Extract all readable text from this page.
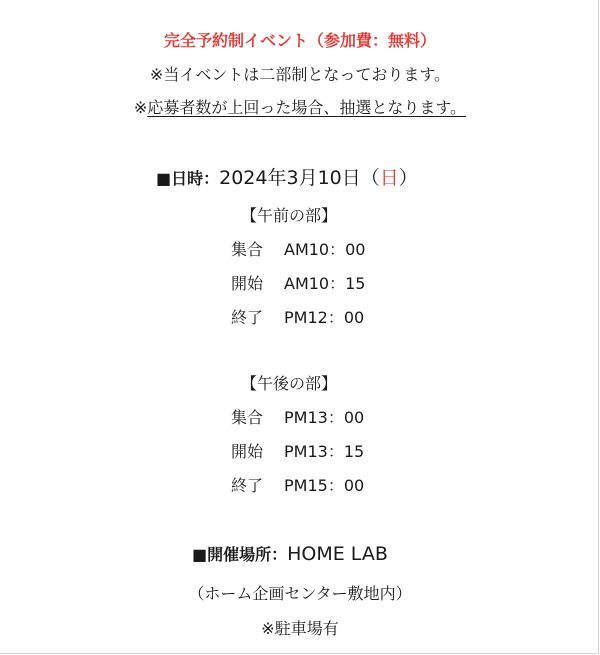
完全予約制イベント（参加費：無料）
※当イベントは二部制となっております。
※応募者数が上回った場合、抽選となります。
■日時：2024年3月10日（日）
【午前の部】
集合 AM10：00
開始 AM10：15
終了 PM12：00
【午後の部】
集合 PM13：00
開始 PM13：15
終了 PM15：00
■開催場所：HOME LAB
（ホーム企画センター敷地内）
※駐車場有
